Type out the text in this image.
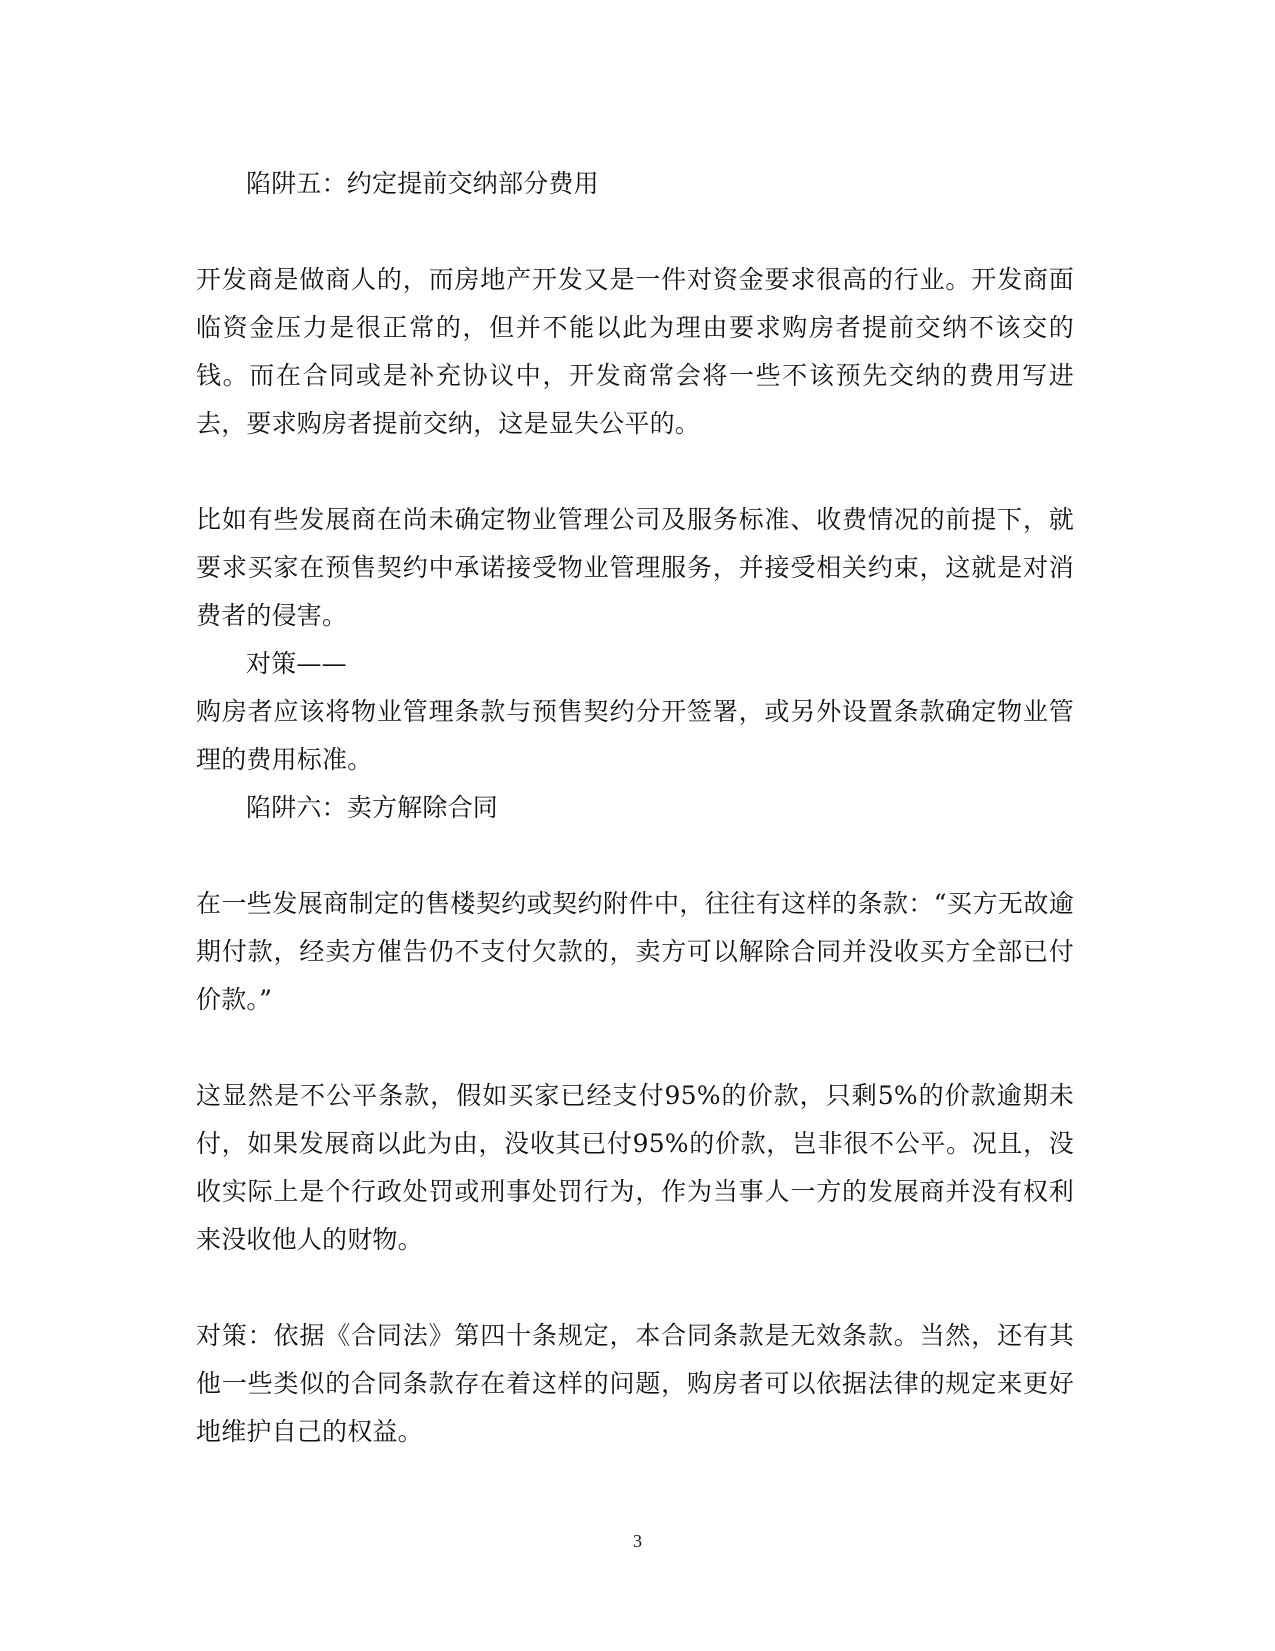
陷阱五：约定提前交纳部分费用

开发商是做商人的，而房地产开发又是一件对资金要求很高的行业。开发商面临资金压力是很正常的，但并不能以此为理由要求购房者提前交纳不该交的钱。而在合同或是补充协议中，开发商常会将一些不该预先交纳的费用写进去，要求购房者提前交纳，这是显失公平的。

比如有些发展商在尚未确定物业管理公司及服务标准、收费情况的前提下，就要求买家在预售契约中承诺接受物业管理服务，并接受相关约束，这就是对消费者的侵害。

对策——

购房者应该将物业管理条款与预售契约分开签署，或另外设置条款确定物业管理的费用标准。

陷阱六：卖方解除合同

在一些发展商制定的售楼契约或契约附件中，往往有这样的条款：“买方无故逾期付款，经卖方催告仍不支付欠款的，卖方可以解除合同并没收买方全部已付价款。”

这显然是不公平条款，假如买家已经支付95%的价款，只剩5%的价款逾期未付，如果发展商以此为由，没收其已付95%的价款，岂非很不公平。况且，没收实际上是个行政处罚或刑事处罚行为，作为当事人一方的发展商并没有权利来没收他人的财物。

对策：依据《合同法》第四十条规定，本合同条款是无效条款。当然，还有其他一些类似的合同条款存在着这样的问题，购房者可以依据法律的规定来更好地维护自己的权益。

3
